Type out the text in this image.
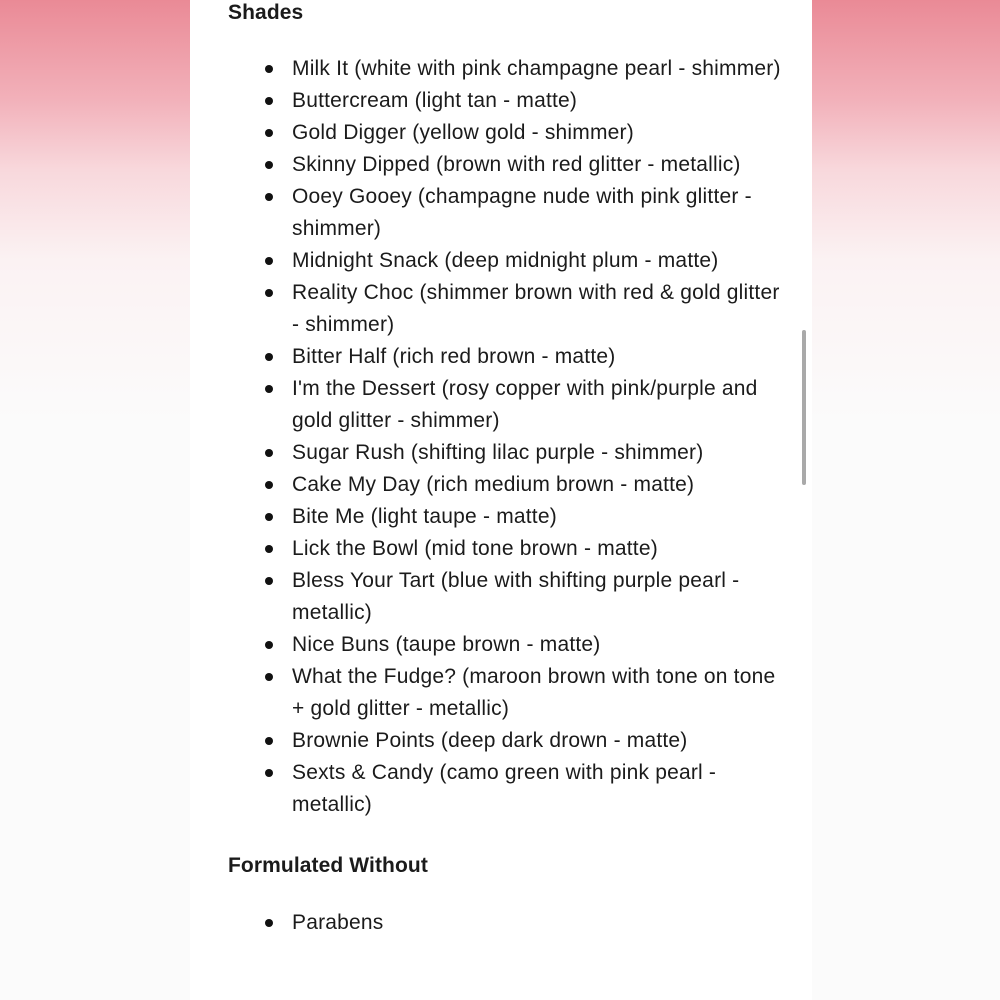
Shades
Milk It (white with pink champagne pearl - shimmer)
Buttercream (light tan - matte)
Gold Digger (yellow gold - shimmer)
Skinny Dipped (brown with red glitter - metallic)
Ooey Gooey (champagne nude with pink glitter - shimmer)
Midnight Snack (deep midnight plum - matte)
Reality Choc (shimmer brown with red & gold glitter - shimmer)
Bitter Half (rich red brown - matte)
I'm the Dessert (rosy copper with pink/purple and gold glitter - shimmer)
Sugar Rush (shifting lilac purple - shimmer)
Cake My Day (rich medium brown - matte)
Bite Me (light taupe - matte)
Lick the Bowl (mid tone brown - matte)
Bless Your Tart (blue with shifting purple pearl - metallic)
Nice Buns (taupe brown - matte)
What the Fudge? (maroon brown with tone on tone + gold glitter - metallic)
Brownie Points (deep dark drown - matte)
Sexts & Candy (camo green with pink pearl - metallic)
Formulated Without
Parabens
